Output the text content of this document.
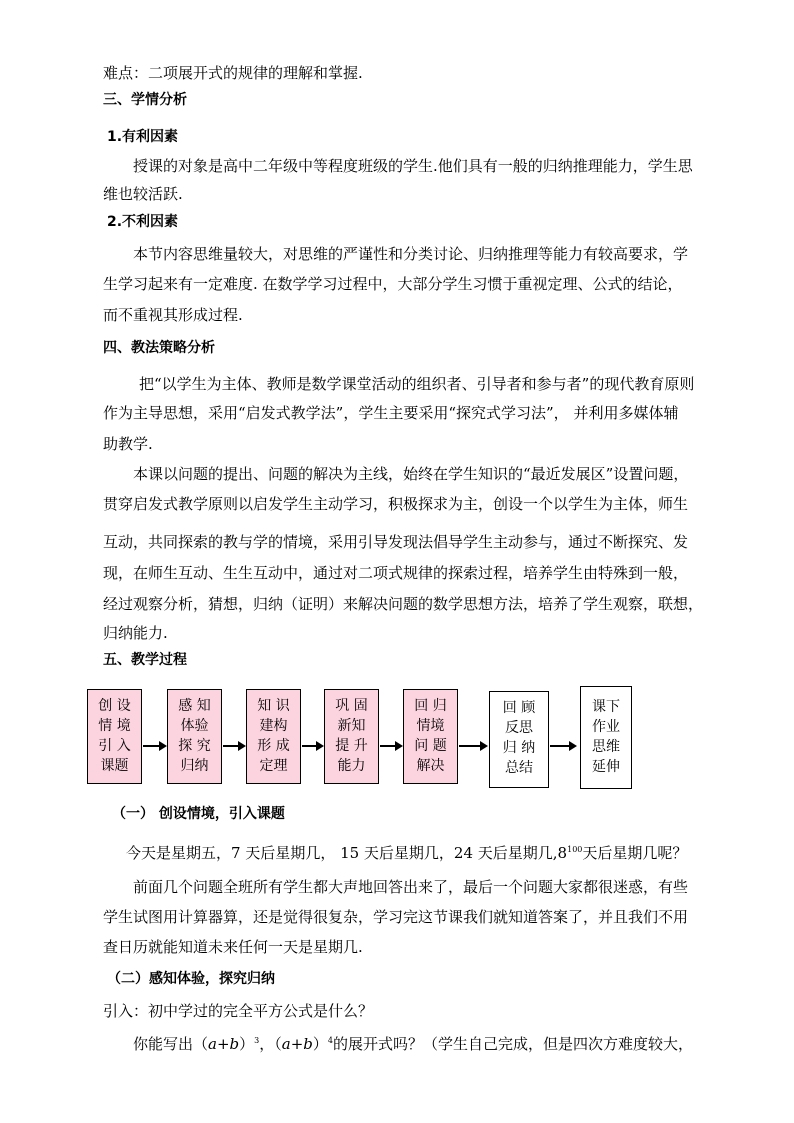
难点：二项展开式的规律的理解和掌握.
三、学情分析
1.有利因素
授课的对象是高中二年级中等程度班级的学生.他们具有一般的归纳推理能力，学生思
维也较活跃.
2.不利因素
本节内容思维量较大，对思维的严谨性和分类讨论、归纳推理等能力有较高要求，学
生学习起来有一定难度. 在数学学习过程中，大部分学生习惯于重视定理、公式的结论，
而不重视其形成过程.
四、教法策略分析
把“以学生为主体、教师是数学课堂活动的组织者、引导者和参与者”的现代教育原则
作为主导思想，采用“启发式教学法”，学生主要采用“探究式学习法”， 并利用多媒体辅
助教学.
本课以问题的提出、问题的解决为主线，始终在学生知识的“最近发展区”设置问题，
贯穿启发式教学原则以启发学生主动学习，积极探求为主，创设一个以学生为主体，师生
互动，共同探索的教与学的情境，采用引导发现法倡导学生主动参与，通过不断探究、发
现，在师生互动、生生互动中，通过对二项式规律的探索过程，培养学生由特殊到一般，
经过观察分析，猜想，归纳（证明）来解决问题的数学思想方法，培养了学生观察，联想，
归纳能力.
五、教学过程
创 设
情 境
引 入
课题
感 知
体验
探 究
归纳
知 识
建构
形 成
定理
巩 固
新知
提 升
能力
回 归
情境
问 题
解决
回 顾
反思
归 纳
总结
课下
作业
思维
延伸
（一） 创设情境，引入课题
今天是星期五，7 天后星期几， 15 天后星期几，24 天后星期几$,8^{100}$天后星期几呢？
前面几个问题全班所有学生都大声地回答出来了，最后一个问题大家都很迷惑，有些
学生试图用计算器算，还是觉得很复杂，学习完这节课我们就知道答案了，并且我们不用
查日历就能知道未来任何一天是星期几.
（二）感知体验，探究归纳
引入：初中学过的完全平方公式是什么？
你能写出$(a+b)^3$，$(a+b)^4$的展开式吗？（学生自己完成，但是四次方难度较大，
